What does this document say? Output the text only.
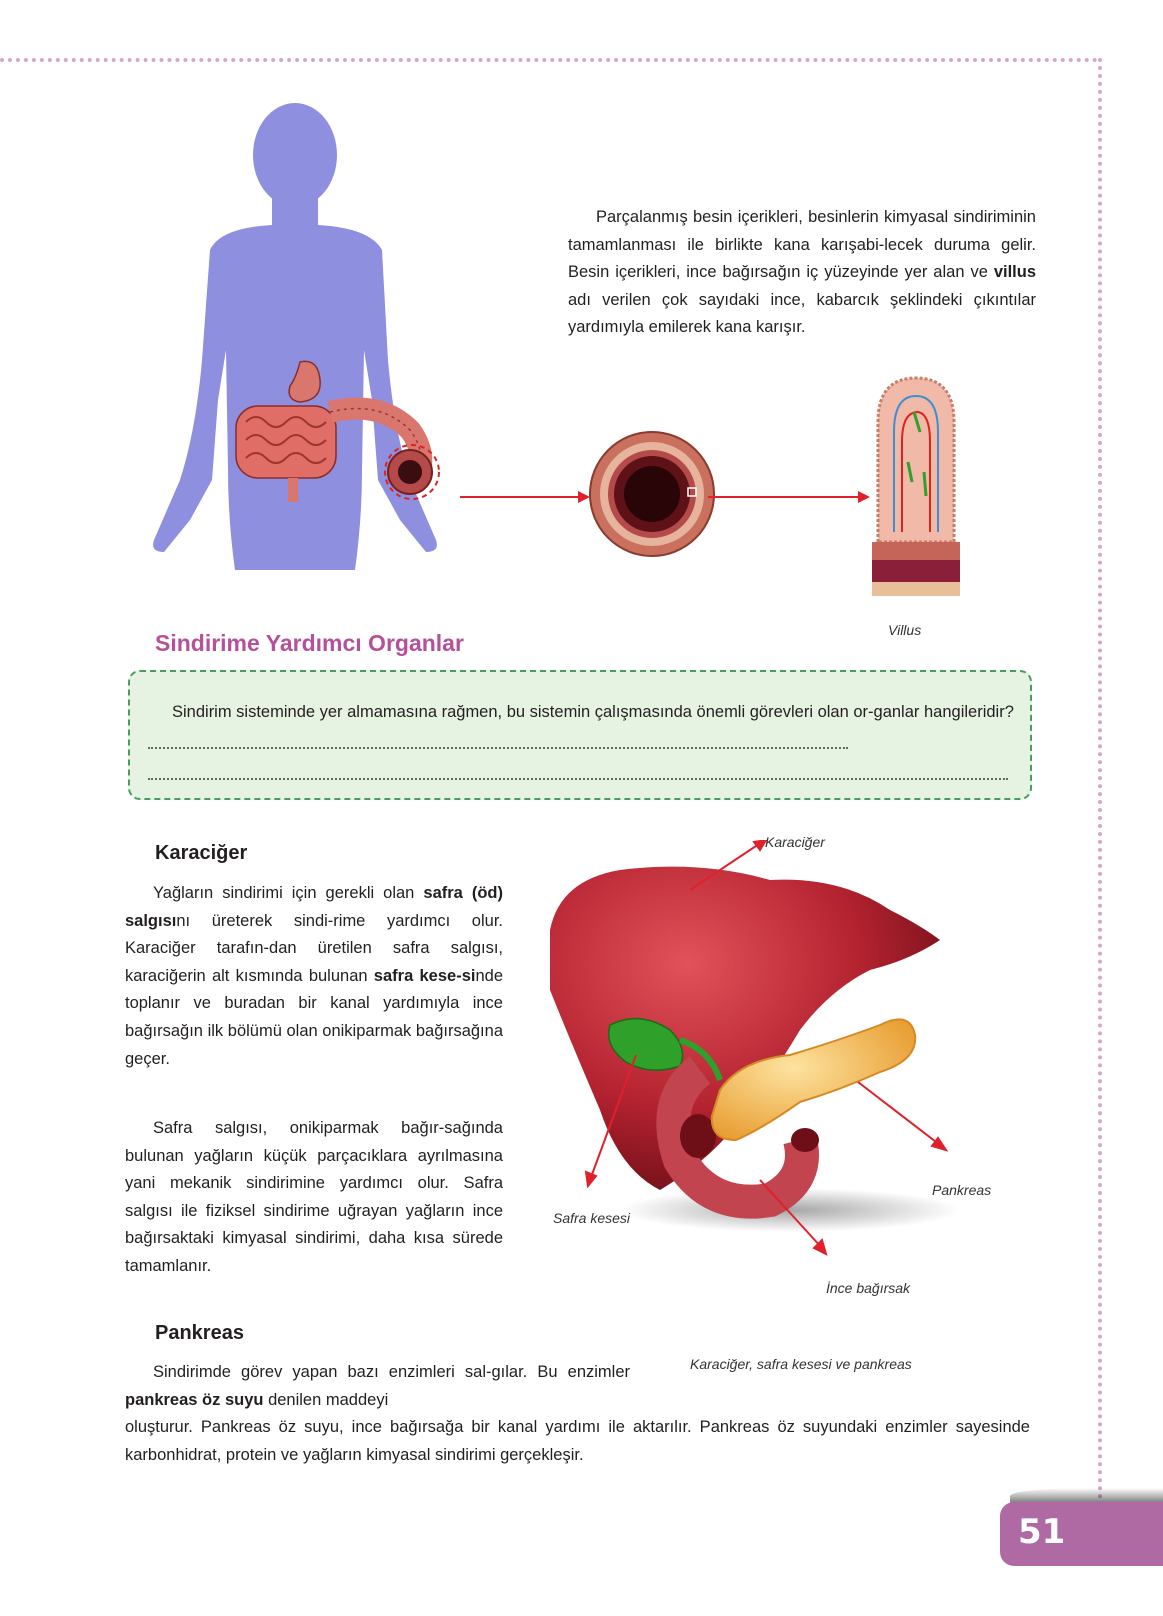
Parçalanmış besin içerikleri, besinlerin kimyasal sindiriminin tamamlanması ile birlikte kana karışabi-lecek duruma gelir. Besin içerikleri, ince bağırsağın iç yüzeyinde yer alan ve villus adı verilen çok sayıdaki ince, kabarcık şeklindeki çıkıntılar yardımıyla emilerek kana karışır.
Villus
Sindirime Yardımcı Organlar
Sindirim sisteminde yer almamasına rağmen, bu sistemin çalışmasında önemli görevleri olan or-ganlar hangileridir?
Karaciğer
Yağların sindirimi için gerekli olan safra (öd) salgısını üreterek sindi-rime yardımcı olur. Karaciğer tarafın-dan üretilen safra salgısı, karaciğerin alt kısmında bulunan safra kese-sinde toplanır ve buradan bir kanal yardımıyla ince bağırsağın ilk bölümü olan onikiparmak bağırsağına geçer.
Safra salgısı, onikiparmak bağır-sağında bulunan yağların küçük parçacıklara ayrılmasına yani mekanik sindirimine yardımcı olur. Safra salgısı ile fiziksel sindirime uğrayan yağların ince bağırsaktaki kimyasal sindirimi, daha kısa sürede tamamlanır.
Karaciğer
Safra kesesi
Pankreas
İnce bağırsak
Karaciğer, safra kesesi ve pankreas
Pankreas
Sindirimde görev yapan bazı enzimleri sal-gılar. Bu enzimler pankreas öz suyu denilen maddeyi
oluşturur. Pankreas öz suyu, ince bağırsağa bir kanal yardımı ile aktarılır. Pankreas öz suyundaki enzimler sayesinde karbonhidrat, protein ve yağların kimyasal sindirimi gerçekleşir.
51
